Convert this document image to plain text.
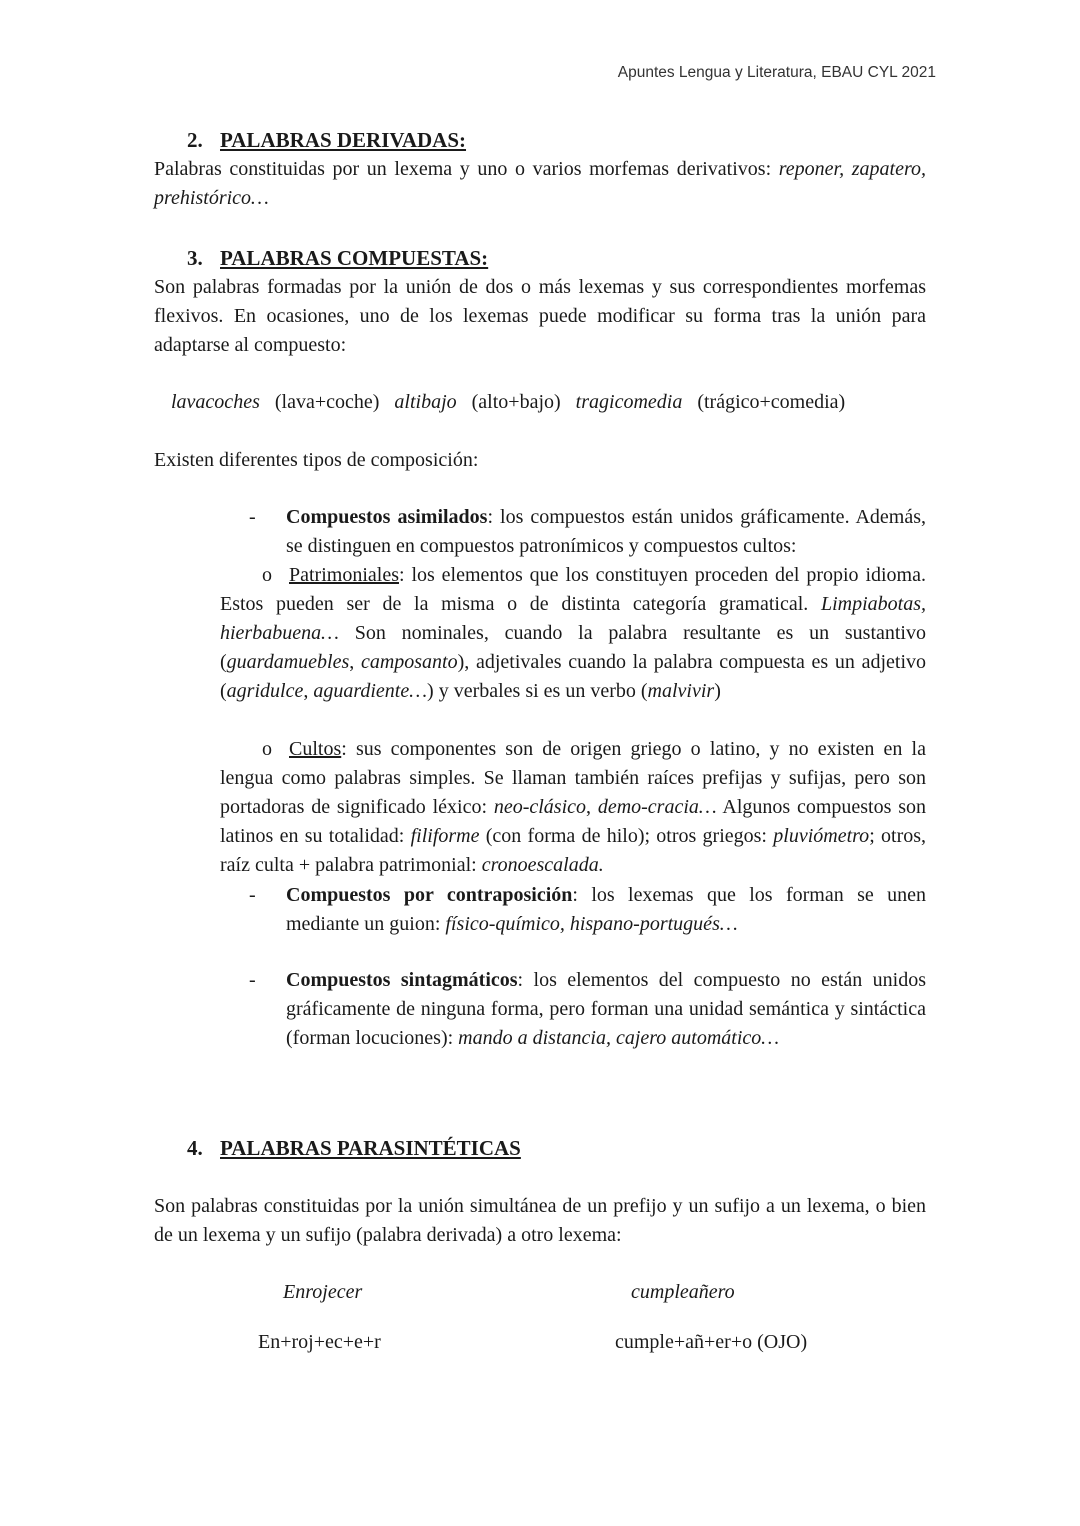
Apuntes Lengua y Literatura, EBAU CYL 2021
2. PALABRAS DERIVADAS:
Palabras constituidas por un lexema y uno o varios morfemas derivativos: reponer, zapatero, prehistórico…
3. PALABRAS COMPUESTAS:
Son palabras formadas por la unión de dos o más lexemas y sus correspondientes morfemas flexivos. En ocasiones, uno de los lexemas puede modificar su forma tras la unión para adaptarse al compuesto:
lavacoches (lava+coche) altibajo (alto+bajo) tragicomedia (trágico+comedia)
Existen diferentes tipos de composición:
- Compuestos asimilados: los compuestos están unidos gráficamente. Además, se distinguen en compuestos patronímicos y compuestos cultos:
o Patrimoniales: los elementos que los constituyen proceden del propio idioma. Estos pueden ser de la misma o de distinta categoría gramatical. Limpiabotas, hierbabuena… Son nominales, cuando la palabra resultante es un sustantivo (guardamuebles, camposanto), adjetivales cuando la palabra compuesta es un adjetivo (agridulce, aguardiente…) y verbales si es un verbo (malvivir)
o Cultos: sus componentes son de origen griego o latino, y no existen en la lengua como palabras simples. Se llaman también raíces prefijas y sufijas, pero son portadoras de significado léxico: neo-clásico, demo-cracia… Algunos compuestos son latinos en su totalidad: filiforme (con forma de hilo); otros griegos: pluviómetro; otros, raíz culta + palabra patrimonial: cronoescalada.
- Compuestos por contraposición: los lexemas que los forman se unen mediante un guion: físico-químico, hispano-portugués…
- Compuestos sintagmáticos: los elementos del compuesto no están unidos gráficamente de ninguna forma, pero forman una unidad semántica y sintáctica (forman locuciones): mando a distancia, cajero automático…
4. PALABRAS PARASINTÉTICAS
Son palabras constituidas por la unión simultánea de un prefijo y un sufijo a un lexema, o bien de un lexema y un sufijo (palabra derivada) a otro lexema:
Enrojecer
En+roj+ec+e+r
cumpleañero
cumple+añ+er+o (OJO)
